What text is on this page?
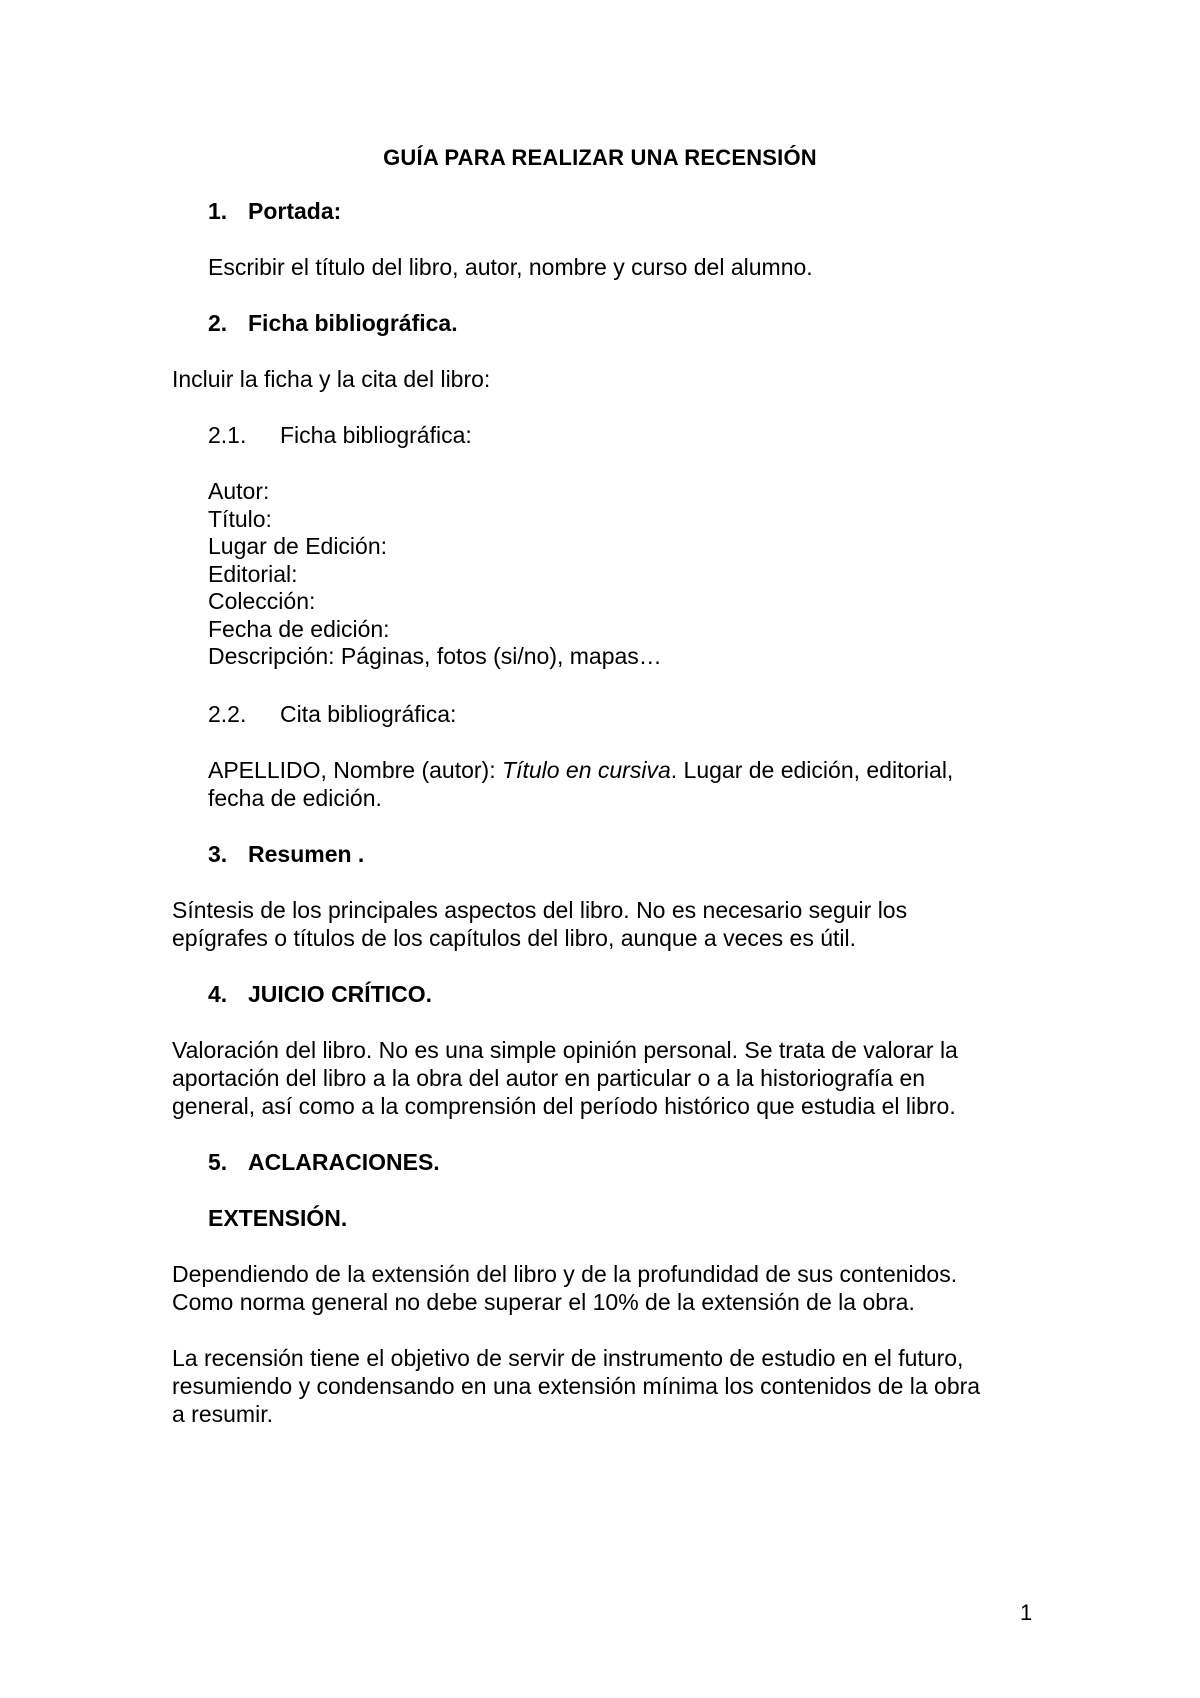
GUÍA PARA REALIZAR UNA RECENSIÓN
1. Portada:
Escribir el título del libro, autor, nombre y curso del alumno.
2. Ficha bibliográfica.
Incluir la ficha y la cita del libro:
2.1. Ficha bibliográfica:
Autor:
Título:
Lugar de Edición:
Editorial:
Colección:
Fecha de edición:
Descripción: Páginas, fotos (si/no), mapas…
2.2. Cita bibliográfica:
APELLIDO, Nombre (autor): Título en cursiva. Lugar de edición, editorial,
fecha de edición.
3. Resumen .
Síntesis de los principales aspectos del libro. No es necesario seguir los
epígrafes o títulos de los capítulos del libro, aunque a veces es útil.
4. JUICIO CRÍTICO.
Valoración del libro. No es una simple opinión personal. Se trata de valorar la
aportación del libro a la obra del autor en particular o a la historiografía en
general, así como a la comprensión del período histórico que estudia el libro.
5. ACLARACIONES.
EXTENSIÓN.
Dependiendo de la extensión del libro y de la profundidad de sus contenidos.
Como norma general no debe superar el 10% de la extensión de la obra.
La recensión tiene el objetivo de servir de instrumento de estudio en el futuro,
resumiendo y condensando en una extensión mínima los contenidos de la obra
a resumir.
1
